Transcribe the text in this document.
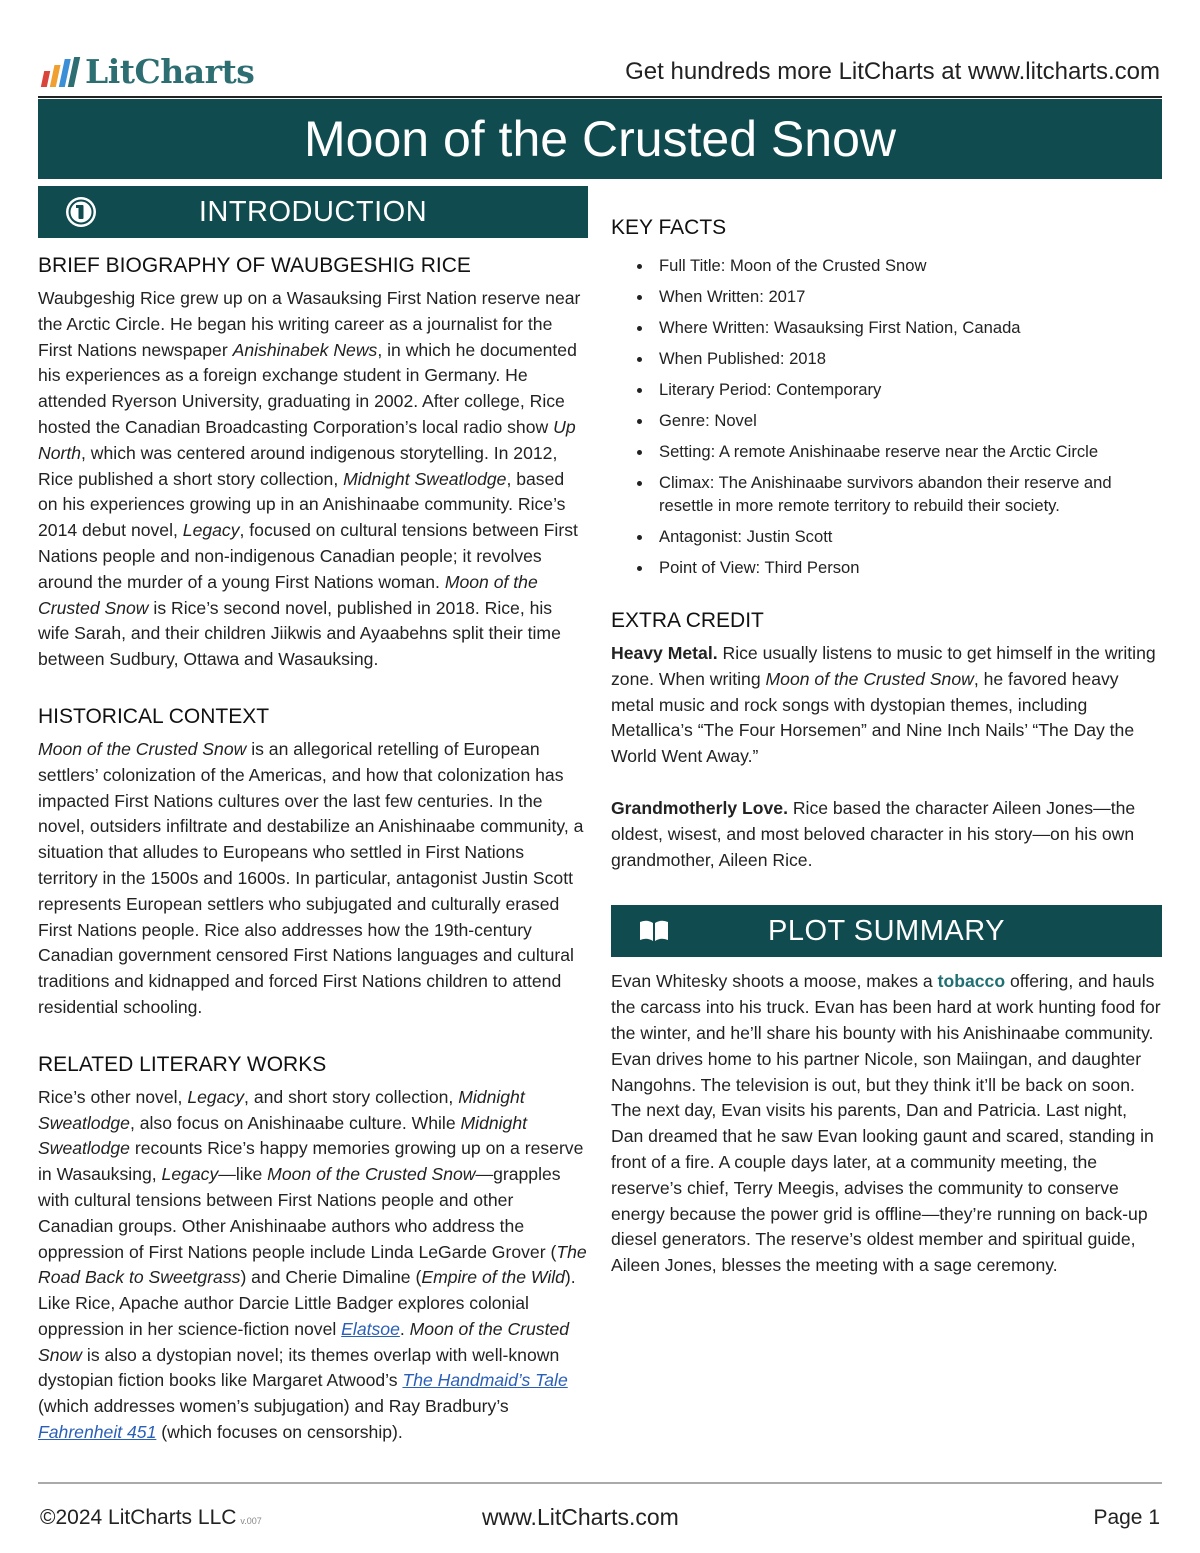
LitCharts	Get hundreds more LitCharts at www.litcharts.com
Moon of the Crusted Snow
INTRODUCTION
BRIEF BIOGRAPHY OF WAUBGESHIG RICE

Waubgeshig Rice grew up on a Wasauksing First Nation reserve near the Arctic Circle. He began his writing career as a journalist for the First Nations newspaper Anishinabek News, in which he documented his experiences as a foreign exchange student in Germany. He attended Ryerson University, graduating in 2002. After college, Rice hosted the Canadian Broadcasting Corporation’s local radio show Up North, which was centered around indigenous storytelling. In 2012, Rice published a short story collection, Midnight Sweatlodge, based on his experiences growing up in an Anishinaabe community. Rice’s 2014 debut novel, Legacy, focused on cultural tensions between First Nations people and non-indigenous Canadian people; it revolves around the murder of a young First Nations woman. Moon of the Crusted Snow is Rice’s second novel, published in 2018. Rice, his wife Sarah, and their children Jiikwis and Ayaabehns split their time between Sudbury, Ottawa and Wasauksing.

HISTORICAL CONTEXT

Moon of the Crusted Snow is an allegorical retelling of European settlers’ colonization of the Americas, and how that colonization has impacted First Nations cultures over the last few centuries. In the novel, outsiders infiltrate and destabilize an Anishinaabe community, a situation that alludes to Europeans who settled in First Nations territory in the 1500s and 1600s. In particular, antagonist Justin Scott represents European settlers who subjugated and culturally erased First Nations people. Rice also addresses how the 19th-century Canadian government censored First Nations languages and cultural traditions and kidnapped and forced First Nations children to attend residential schooling.

RELATED LITERARY WORKS

Rice’s other novel, Legacy, and short story collection, Midnight Sweatlodge, also focus on Anishinaabe culture. While Midnight Sweatlodge recounts Rice’s happy memories growing up on a reserve in Wasauksing, Legacy—like Moon of the Crusted Snow—grapples with cultural tensions between First Nations people and other Canadian groups. Other Anishinaabe authors who address the oppression of First Nations people include Linda LeGarde Grover (The Road Back to Sweetgrass) and Cherie Dimaline (Empire of the Wild). Like Rice, Apache author Darcie Little Badger explores colonial oppression in her science-fiction novel Elatsoe. Moon of the Crusted Snow is also a dystopian novel; its themes overlap with well-known dystopian fiction books like Margaret Atwood’s The Handmaid’s Tale (which addresses women’s subjugation) and Ray Bradbury’s Fahrenheit 451 (which focuses on censorship).

KEY FACTS
Full Title: Moon of the Crusted Snow
When Written: 2017
Where Written: Wasauksing First Nation, Canada
When Published: 2018
Literary Period: Contemporary
Genre: Novel
Setting: A remote Anishinaabe reserve near the Arctic Circle
Climax: The Anishinaabe survivors abandon their reserve and resettle in more remote territory to rebuild their society.
Antagonist: Justin Scott
Point of View: Third Person
EXTRA CREDIT

Heavy Metal. Rice usually listens to music to get himself in the writing zone. When writing Moon of the Crusted Snow, he favored heavy metal music and rock songs with dystopian themes, including Metallica’s “The Four Horsemen” and Nine Inch Nails’ “The Day the World Went Away.”

Grandmotherly Love. Rice based the character Aileen Jones—the oldest, wisest, and most beloved character in his story—on his own grandmother, Aileen Rice.

PLOT SUMMARY

Evan Whitesky shoots a moose, makes a tobacco offering, and hauls the carcass into his truck. Evan has been hard at work hunting food for the winter, and he’ll share his bounty with his Anishinaabe community. Evan drives home to his partner Nicole, son Maiingan, and daughter Nangohns. The television is out, but they think it’ll be back on soon. The next day, Evan visits his parents, Dan and Patricia. Last night, Dan dreamed that he saw Evan looking gaunt and scared, standing in front of a fire. A couple days later, at a community meeting, the reserve’s chief, Terry Meegis, advises the community to conserve energy because the power grid is offline—they’re running on back-up diesel generators. The reserve’s oldest member and spiritual guide, Aileen Jones, blesses the meeting with a sage ceremony.

©2024 LitCharts LLC v.007	www.LitCharts.com	Page 1
